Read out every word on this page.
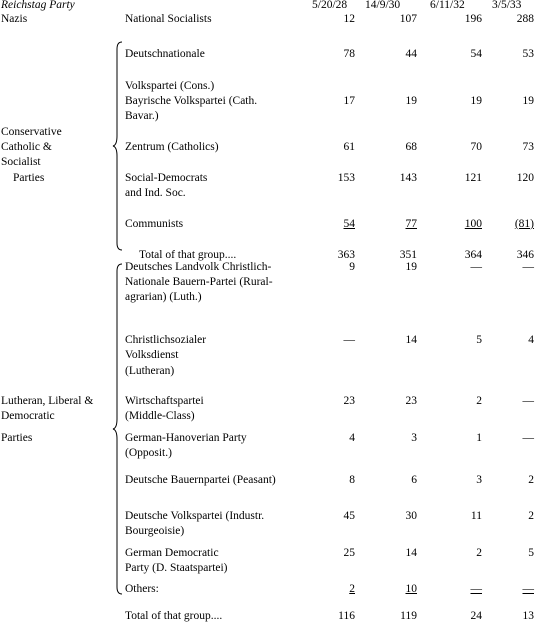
Reichstag Party	5/20/28 14/9/30	6/11/32 3/5/33
Nazis	National Socialists	12	107	196	288
Conservative
Catholic &
Socialist
Parties
Deutschnationale	78	44	54	53
Volkspartei (Cons.)
Bayrische Volkspartei (Cath.
Bavar.)
17	19	19	19
Zentrum (Catholics)	61	68	70	73
Social-Democrats
and Ind. Soc.
153	143	121	120
Communists	54	77	100	(81)
Total of that group....	363	351	364	346
Lutheran, Liberal &
Democratic
Parties
Deutsches Landvolk Christlich-
Nationale Bauern-Partei (Rural-
agrarian) (Luth.)
9	19	—	—
Christlichsozialer
Volksdienst
(Lutheran)
—	14	5	4
Wirtschaftspartei
(Middle-Class)
23	23	2	—
German-Hanoverian Party
(Opposit.)
4	3	1	—
Deutsche Bauernpartei (Peasant)	8	6	3	2
Deutsche Volkspartei (Industr.
Bourgeoisie)
45	30	11	2
German Democratic
Party (D. Staatspartei)
25	14	2	5
Others:	2	10	—	—
Total of that group....	116	119	24	13
